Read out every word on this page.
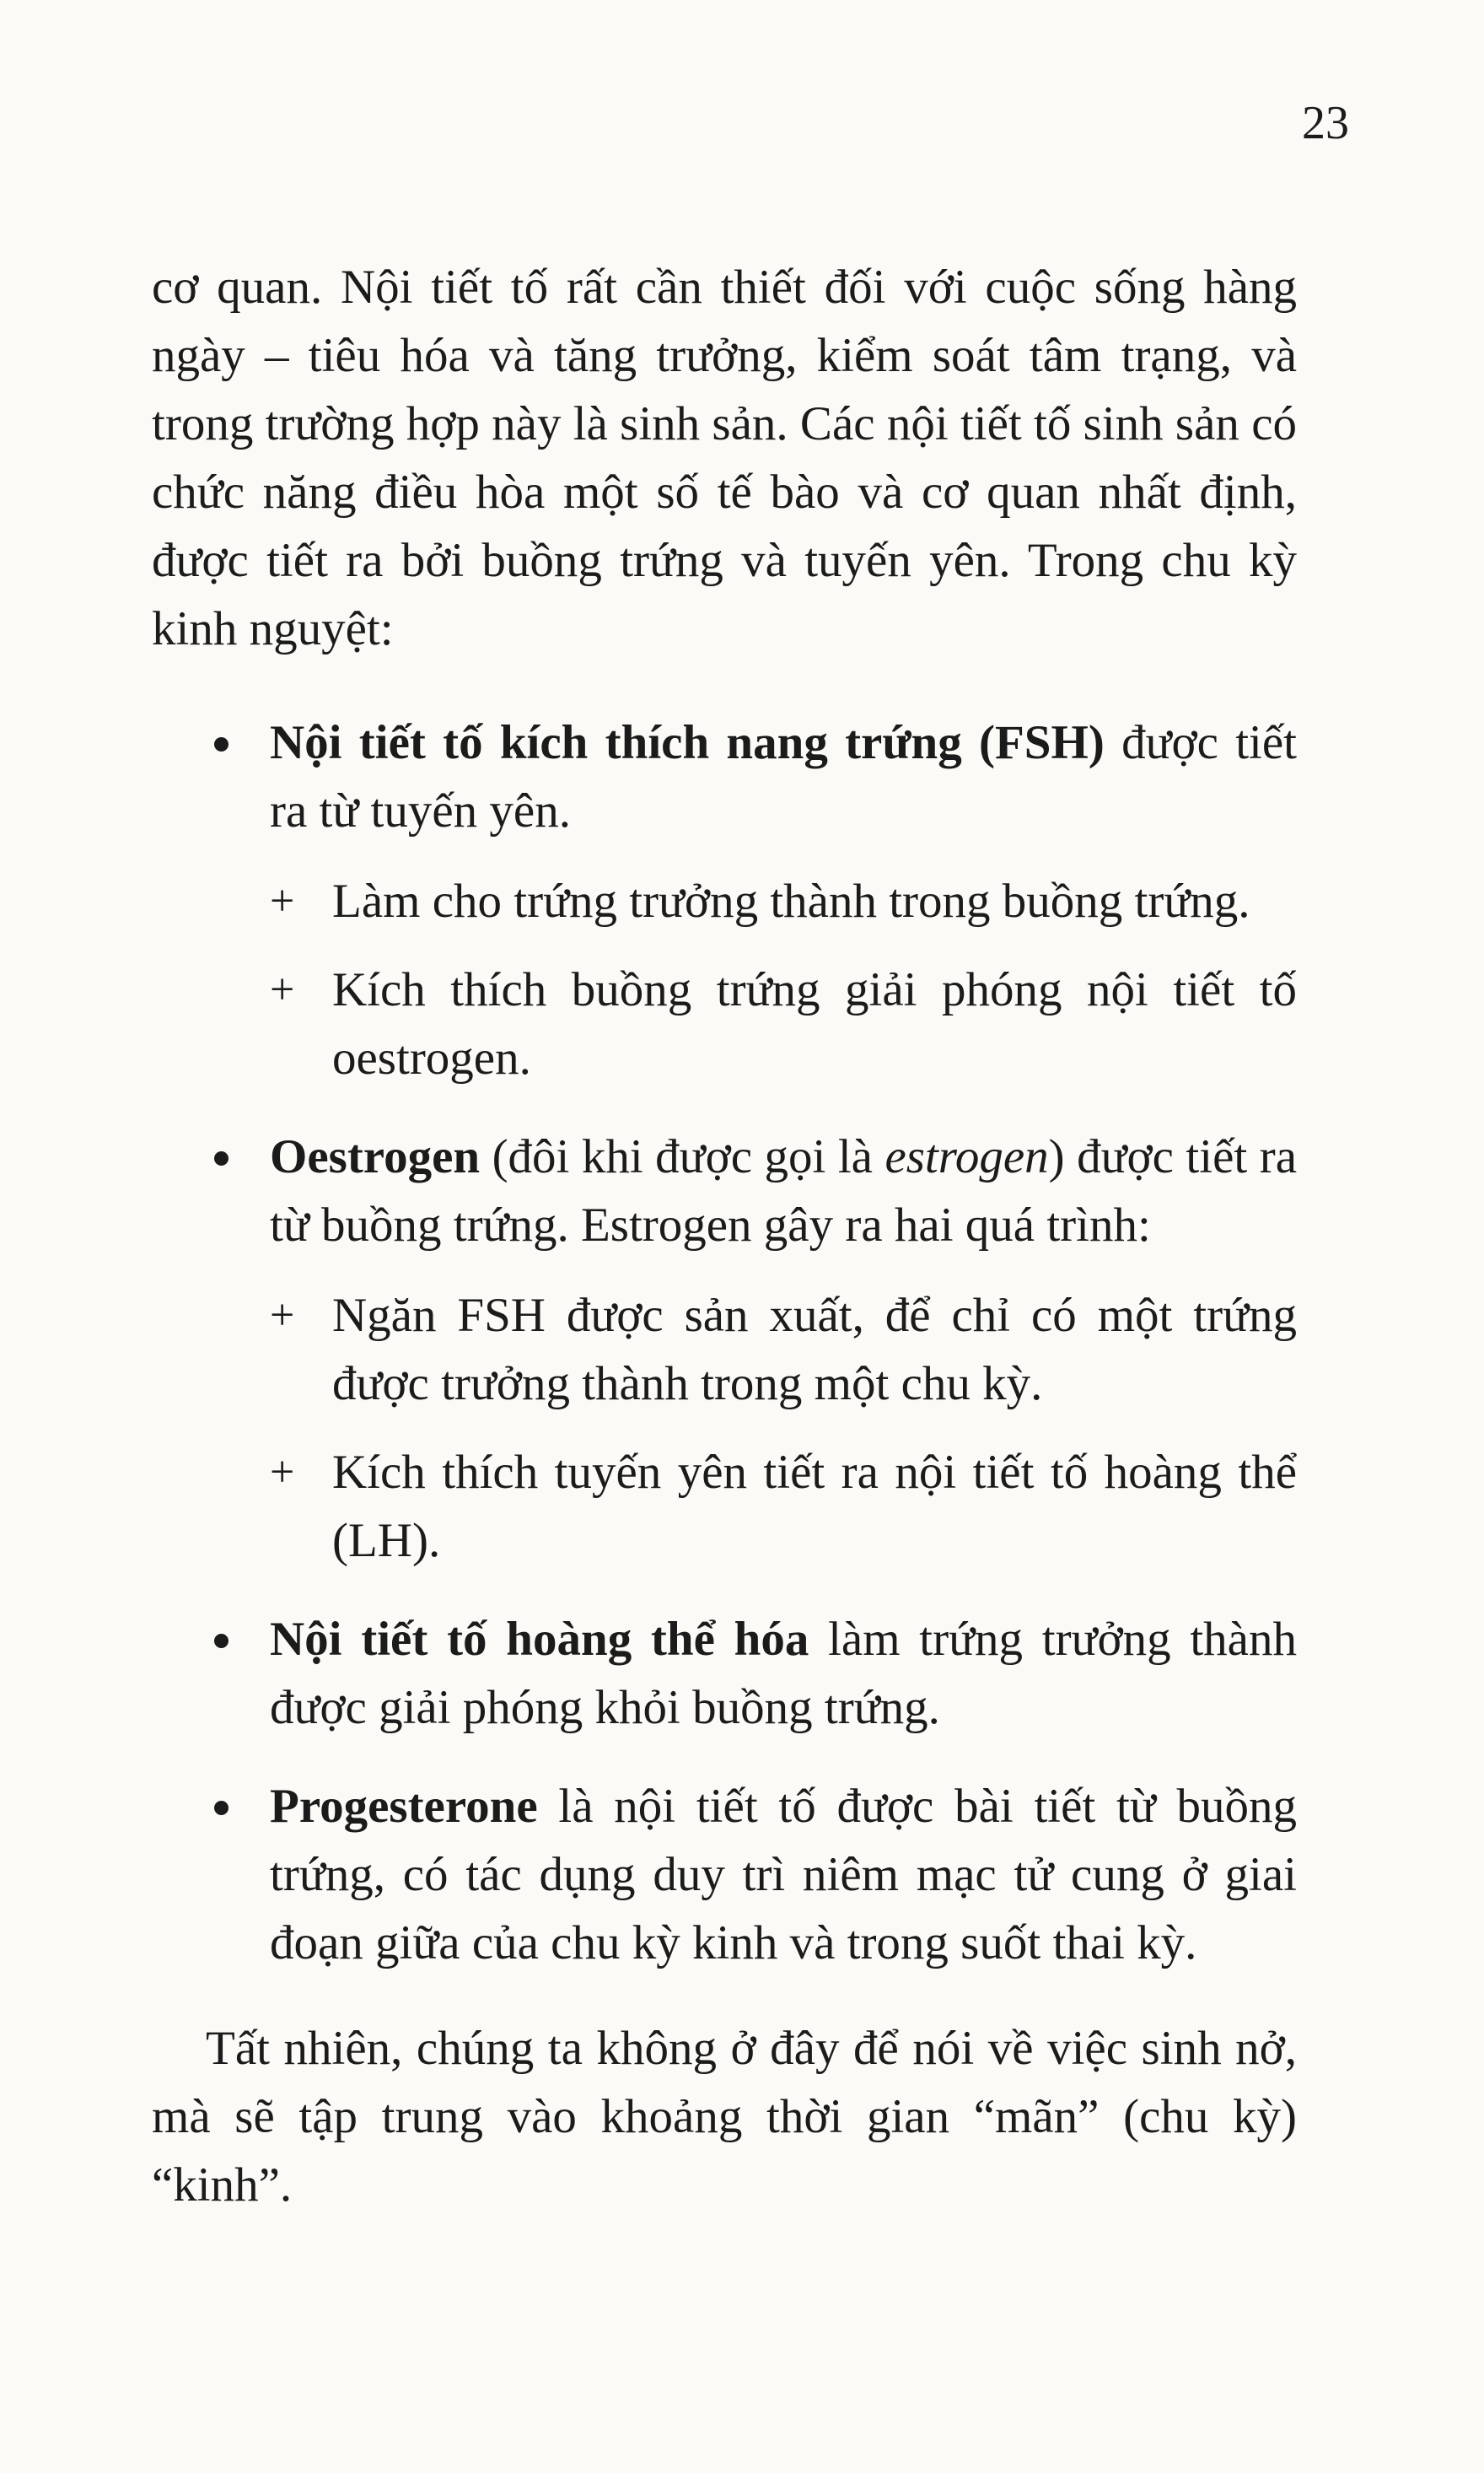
23

cơ quan. Nội tiết tố rất cần thiết đối với cuộc sống hàng ngày – tiêu hóa và tăng trưởng, kiểm soát tâm trạng, và trong trường hợp này là sinh sản. Các nội tiết tố sinh sản có chức năng điều hòa một số tế bào và cơ quan nhất định, được tiết ra bởi buồng trứng và tuyến yên. Trong chu kỳ kinh nguyệt:

Nội tiết tố kích thích nang trứng (FSH) được tiết ra từ tuyến yên.
+ Làm cho trứng trưởng thành trong buồng trứng.
+ Kích thích buồng trứng giải phóng nội tiết tố oestrogen.
Oestrogen (đôi khi được gọi là estrogen) được tiết ra từ buồng trứng. Estrogen gây ra hai quá trình:
+ Ngăn FSH được sản xuất, để chỉ có một trứng được trưởng thành trong một chu kỳ.
+ Kích thích tuyến yên tiết ra nội tiết tố hoàng thể (LH).
Nội tiết tố hoàng thể hóa làm trứng trưởng thành được giải phóng khỏi buồng trứng.
Progesterone là nội tiết tố được bài tiết từ buồng trứng, có tác dụng duy trì niêm mạc tử cung ở giai đoạn giữa của chu kỳ kinh và trong suốt thai kỳ.

Tất nhiên, chúng ta không ở đây để nói về việc sinh nở, mà sẽ tập trung vào khoảng thời gian “mãn” (chu kỳ) “kinh”.
